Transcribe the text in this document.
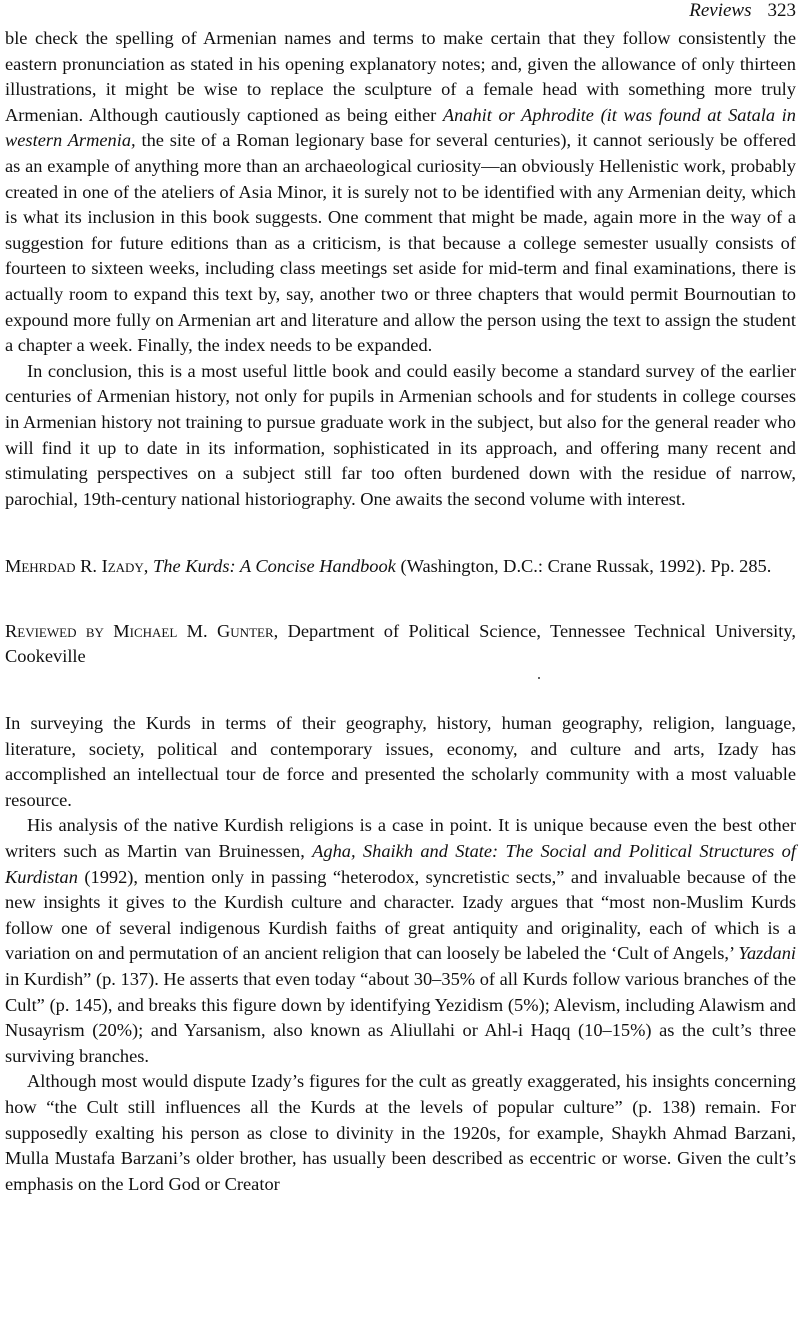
Reviews 323

ble check the spelling of Armenian names and terms to make certain that they follow consistently the eastern pronunciation as stated in his opening explanatory notes; and, given the allowance of only thirteen illustrations, it might be wise to replace the sculpture of a female head with something more truly Armenian. Although cautiously captioned as being either Anahit or Aphrodite (it was found at Satala in western Armenia, the site of a Roman legionary base for several centuries), it cannot seriously be offered as an example of anything more than an archaeological curiosity—an obviously Hellenistic work, probably created in one of the ateliers of Asia Minor, it is surely not to be identified with any Armenian deity, which is what its inclusion in this book suggests. One comment that might be made, again more in the way of a suggestion for future editions than as a criticism, is that because a college semester usually consists of fourteen to sixteen weeks, including class meetings set aside for mid-term and final examinations, there is actually room to expand this text by, say, another two or three chapters that would permit Bournoutian to expound more fully on Armenian art and literature and allow the person using the text to assign the student a chapter a week. Finally, the index needs to be expanded.

In conclusion, this is a most useful little book and could easily become a standard survey of the earlier centuries of Armenian history, not only for pupils in Armenian schools and for students in college courses in Armenian history not training to pursue graduate work in the subject, but also for the general reader who will find it up to date in its information, sophisticated in its approach, and offering many recent and stimulating perspectives on a subject still far too often burdened down with the residue of narrow, parochial, 19th-century national historiography. One awaits the second volume with interest.

Mehrdad R. Izady, The Kurds: A Concise Handbook (Washington, D.C.: Crane Russak, 1992). Pp. 285.

Reviewed by Michael M. Gunter, Department of Political Science, Tennessee Technical University, Cookeville

In surveying the Kurds in terms of their geography, history, human geography, religion, language, literature, society, political and contemporary issues, economy, and culture and arts, Izady has accomplished an intellectual tour de force and presented the scholarly community with a most valuable resource.

His analysis of the native Kurdish religions is a case in point. It is unique because even the best other writers such as Martin van Bruinessen, Agha, Shaikh and State: The Social and Political Structures of Kurdistan (1992), mention only in passing “heterodox, syncretistic sects,” and invaluable because of the new insights it gives to the Kurdish culture and character. Izady argues that “most non-Muslim Kurds follow one of several indigenous Kurdish faiths of great antiquity and originality, each of which is a variation on and permutation of an ancient religion that can loosely be labeled the ‘Cult of Angels,’ Yazdani in Kurdish” (p. 137). He asserts that even today “about 30–35% of all Kurds follow various branches of the Cult” (p. 145), and breaks this figure down by identifying Yezidism (5%); Alevism, including Alawism and Nusayrism (20%); and Yarsanism, also known as Aliullahi or Ahl-i Haqq (10–15%) as the cult’s three surviving branches.

Although most would dispute Izady’s figures for the cult as greatly exaggerated, his insights concerning how “the Cult still influences all the Kurds at the levels of popular culture” (p. 138) remain. For supposedly exalting his person as close to divinity in the 1920s, for example, Shaykh Ahmad Barzani, Mulla Mustafa Barzani’s older brother, has usually been described as eccentric or worse. Given the cult’s emphasis on the Lord God or Creator
